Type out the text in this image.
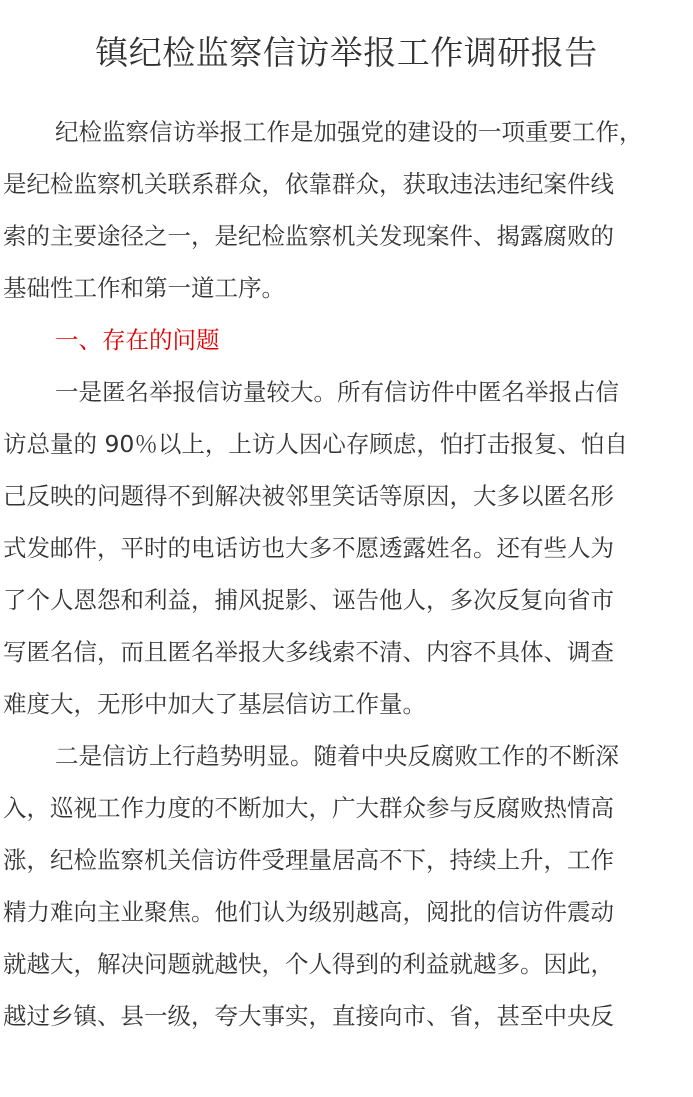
镇纪检监察信访举报工作调研报告
纪检监察信访举报工作是加强党的建设的一项重要工作，
是纪检监察机关联系群众，依靠群众，获取违法违纪案件线
索的主要途径之一，是纪检监察机关发现案件、揭露腐败的
基础性工作和第一道工序。
一、存在的问题
一是匿名举报信访量较大。所有信访件中匿名举报占信
访总量的 90％以上，上访人因心存顾虑，怕打击报复、怕自
己反映的问题得不到解决被邻里笑话等原因，大多以匿名形
式发邮件，平时的电话访也大多不愿透露姓名。还有些人为
了个人恩怨和利益，捕风捉影、诬告他人，多次反复向省市
写匿名信，而且匿名举报大多线索不清、内容不具体、调查
难度大，无形中加大了基层信访工作量。
二是信访上行趋势明显。随着中央反腐败工作的不断深
入，巡视工作力度的不断加大，广大群众参与反腐败热情高
涨，纪检监察机关信访件受理量居高不下，持续上升，工作
精力难向主业聚焦。他们认为级别越高，阅批的信访件震动
就越大，解决问题就越快，个人得到的利益就越多。因此，
越过乡镇、县一级，夸大事实，直接向市、省，甚至中央反
